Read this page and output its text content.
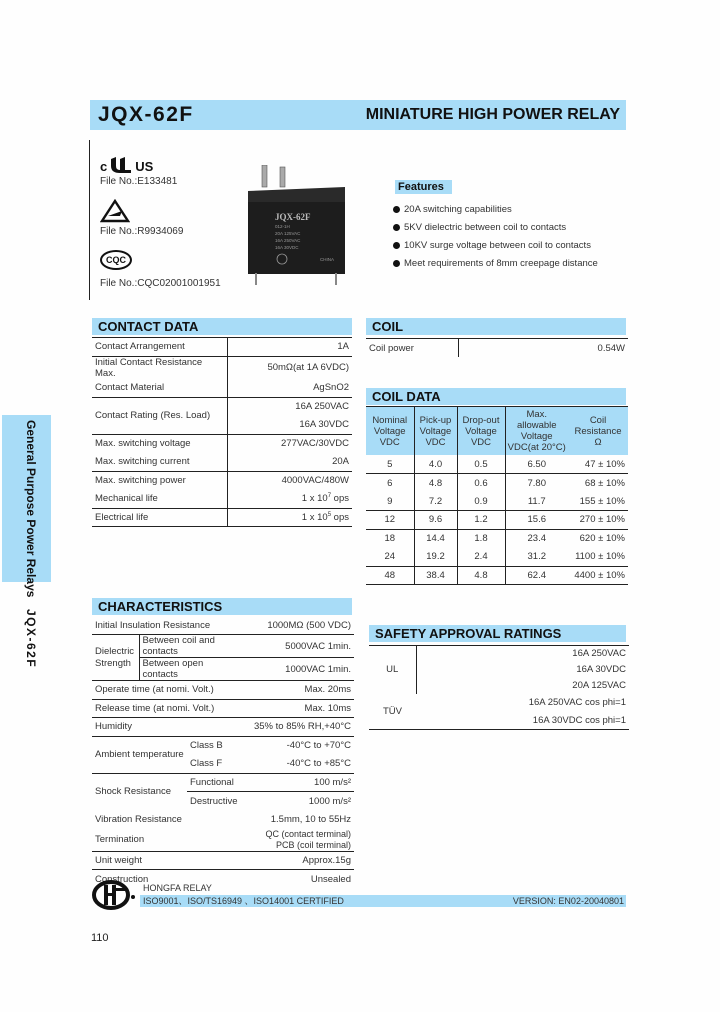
JQX-62F	MINIATURE HIGH POWER RELAY
General Purpose Power Relays JQX-62F
c US
File No.:E133481
File No.:R9934069
CQC
File No.:CQC02001001951
JQX-62F
012-1H
20A 125VAC
16A 250VAC
16A 30VDC
CHINA
Features
20A switching capabilities
5KV dielectric between coil to contacts
10KV surge voltage between coil to contacts
Meet requirements of 8mm creepage distance
CONTACT DATA
Contact Arrangement	1A
Initial Contact Resistance Max.	50mΩ(at 1A 6VDC)
Contact Material	AgSnO2
Contact Rating (Res. Load)	16A 250VAC
	16A 30VDC
Max. switching voltage	277VAC/30VDC
Max. switching current	20A
Max. switching power	4000VAC/480W
Mechanical life	1 x $10^7$ ops
Electrical life	1 x $10^5$ ops
COIL
Coil power	0.54W
COIL DATA
Nominal
Voltage
VDC	Pick-up
Voltage
VDC	Drop-out
Voltage
VDC	Max.
allowable
Voltage
VDC(at 20°C)	Coil
Resistance
Ω
5	4.0	0.5	6.50	47 ± 10%
6	4.8	0.6	7.80	68 ± 10%
9	7.2	0.9	11.7	155 ± 10%
12	9.6	1.2	15.6	270 ± 10%
18	14.4	1.8	23.4	620 ± 10%
24	19.2	2.4	31.2	1100 ± 10%
48	38.4	4.8	62.4	4400 ± 10%
CHARACTERISTICS
Initial Insulation Resistance			1000MΩ (500 VDC)
Dielectric
Strength	Between coil and contacts		5000VAC 1min.
	Between open contacts		1000VAC 1min.
Operate time (at nomi. Volt.)			Max. 20ms
Release time (at nomi. Volt.)			Max. 10ms
Humidity			35% to 85% RH,+40°C
Ambient temperature		Class B	-40°C to +70°C
		Class F	-40°C to +85°C
Shock Resistance		Functional	100 m/s²
		Destructive	1000 m/s²
Vibration Resistance			1.5mm, 10 to 55Hz
Termination		QC (contact terminal)
PCB (coil terminal)	
Unit weight			Approx.15g
Construction			Unsealed
SAFETY APPROVAL RATINGS
UL	16A 250VAC
	16A 30VDC
	20A 125VAC
TÜV	16A 250VAC cos phi=1
	16A 30VDC cos phi=1
HONGFA RELAY
ISO9001、ISO/TS16949 、ISO14001 CERTIFIED	VERSION: EN02-20040801
110
